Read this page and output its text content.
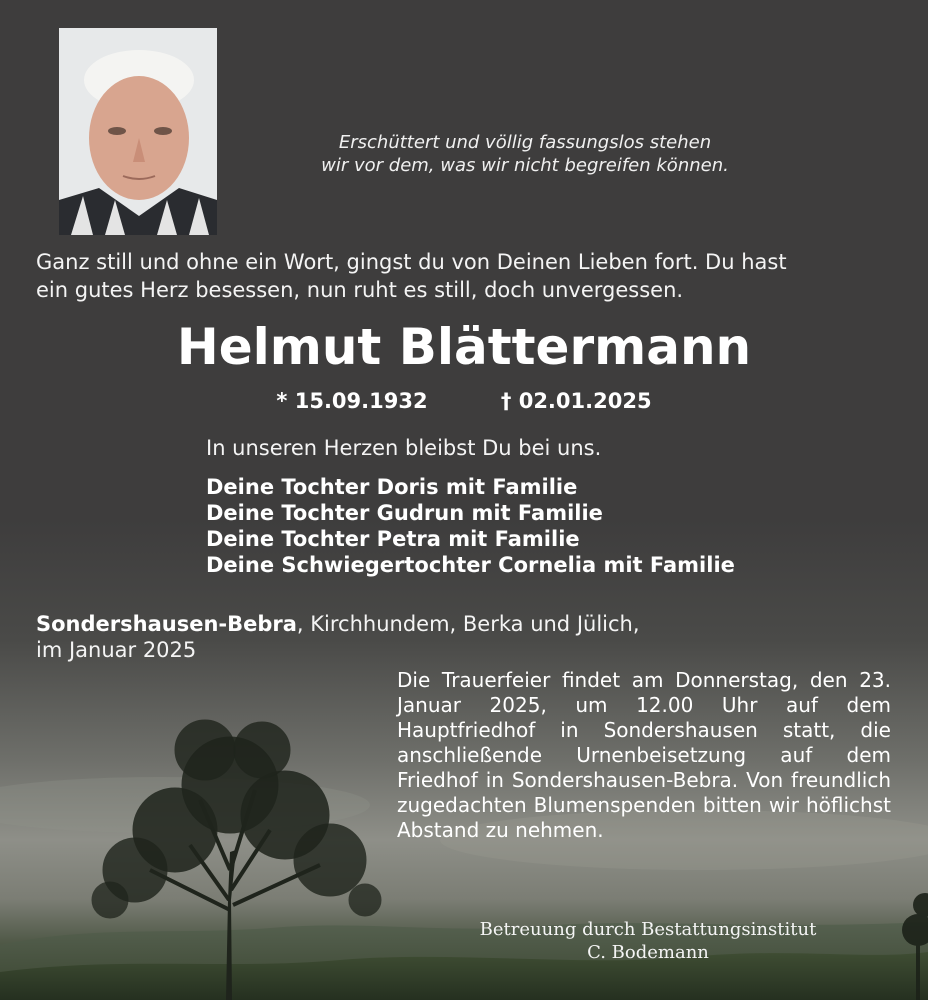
Erschüttert und völlig fassungslos stehen
wir vor dem, was wir nicht begreifen können.
Ganz still und ohne ein Wort, gingst du von Deinen Lieben fort. Du hast
ein gutes Herz besessen, nun ruht es still, doch unvergessen.
Helmut Blättermann
* 15.09.1932	† 02.01.2025
In unseren Herzen bleibst Du bei uns.
Deine Tochter Doris mit Familie
Deine Tochter Gudrun mit Familie
Deine Tochter Petra mit Familie
Deine Schwiegertochter Cornelia mit Familie
Sondershausen-Bebra, Kirchhundem, Berka und Jülich,
im Januar 2025
Die Trauerfeier findet am Donnerstag, den 23. Januar 2025, um 12.00 Uhr auf dem Hauptfriedhof in Sondershausen statt, die anschließende Urnenbeisetzung auf dem Friedhof in Sondershausen-Bebra. Von freundlich zugedachten Blumenspenden bitten wir höflichst Abstand zu nehmen.
Betreuung durch Bestattungsinstitut
C. Bodemann
